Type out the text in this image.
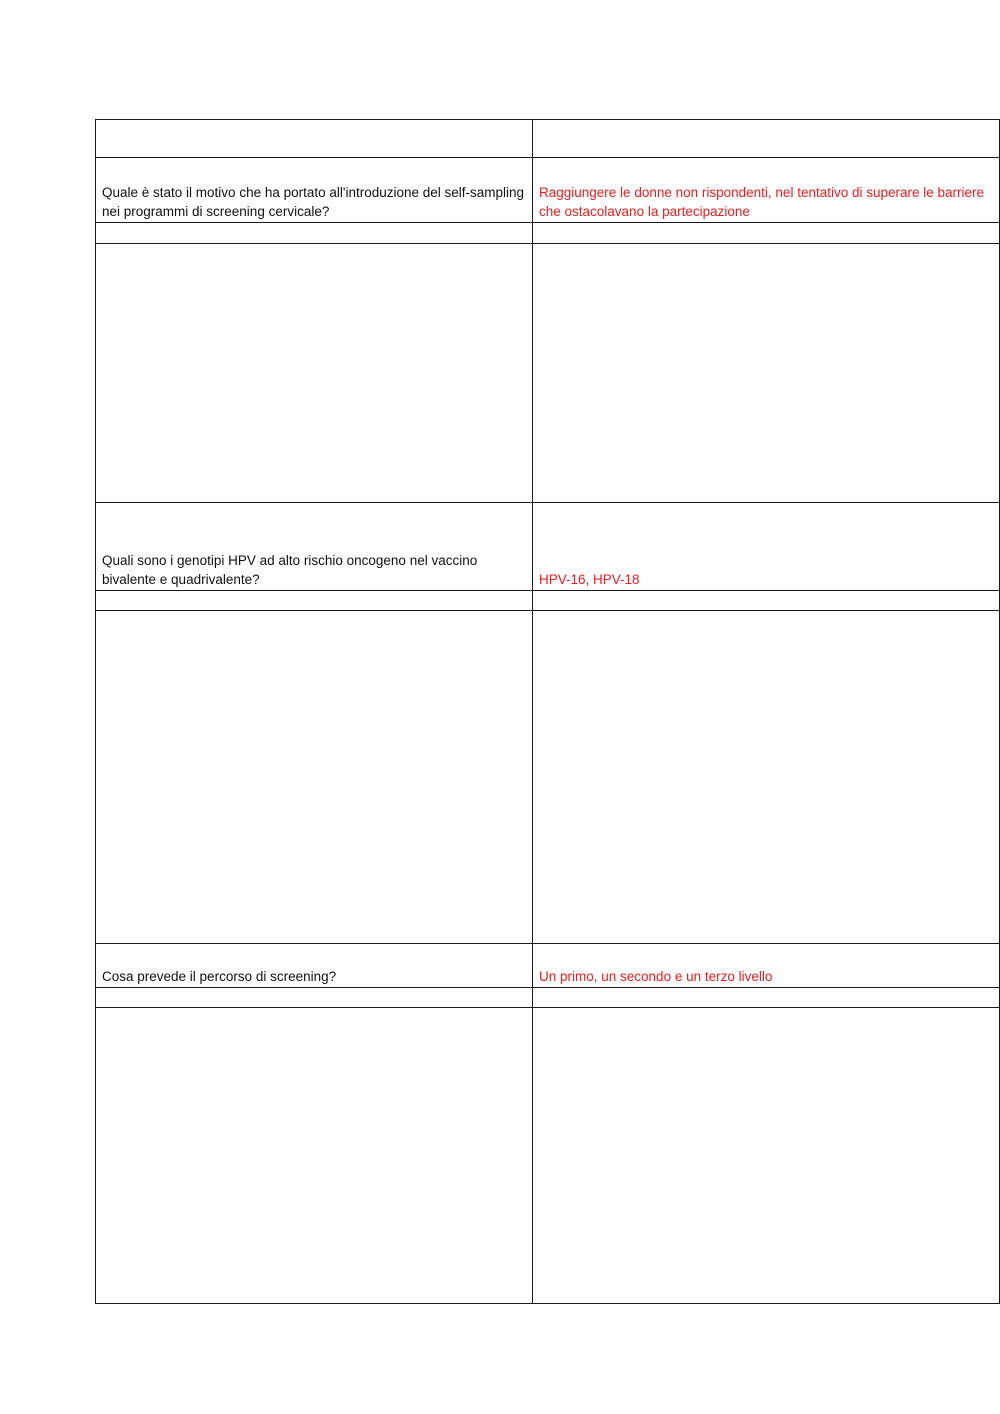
Quale è stato il motivo che ha portato all'introduzione del self-sampling nei programmi di screening cervicale?	Raggiungere le donne non rispondenti, nel tentativo di superare le barriere che ostacolavano la partecipazione

Quali sono i genotipi HPV ad alto rischio oncogeno nel vaccino bivalente e quadrivalente?	HPV-16, HPV-18

Cosa prevede il percorso di screening?	Un primo, un secondo e un terzo livello
